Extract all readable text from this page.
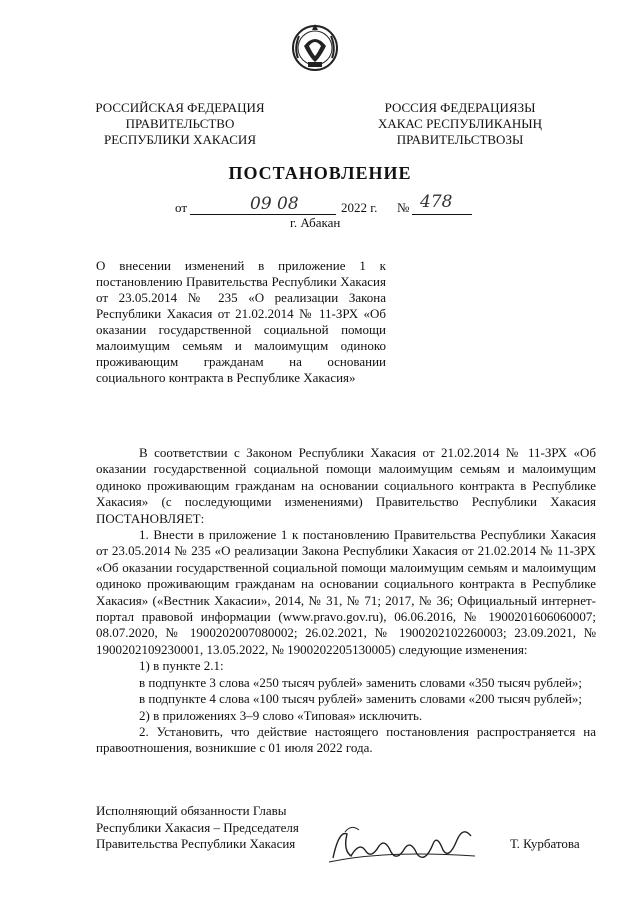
РОССИЙСКАЯ ФЕДЕРАЦИЯ
ПРАВИТЕЛЬСТВО
РЕСПУБЛИКИ ХАКАСИЯ
РОССИЯ ФЕДЕРАЦИЯЗЫ
ХАКАС РЕСПУБЛИКАНЫҢ
ПРАВИТЕЛЬСТВОЗЫ
ПОСТАНОВЛЕНИЕ
от	09 08	2022 г. № 478
г. Абакан

О внесении изменений в приложение 1 к постановлению Правительства Республики Хакасия от 23.05.2014 № 235 «О реализации Закона Республики Хакасия от 21.02.2014 № 11-ЗРХ «Об оказании государственной социальной помощи малоимущим семьям и малоимущим одиноко проживающим гражданам на основании социального контракта в Республике Хакасия»

В соответствии с Законом Республики Хакасия от 21.02.2014 № 11-ЗРХ «Об оказании государственной социальной помощи малоимущим семьям и малоимущим одиноко проживающим гражданам на основании социального контракта в Республике Хакасия» (с последующими изменениями) Правительство Республики Хакасия ПОСТАНОВЛЯЕТ:

1. Внести в приложение 1 к постановлению Правительства Республики Хакасия от 23.05.2014 № 235 «О реализации Закона Республики Хакасия от 21.02.2014 № 11-ЗРХ «Об оказании государственной социальной помощи малоимущим семьям и малоимущим одиноко проживающим гражданам на основании социального контракта в Республике Хакасия» («Вестник Хакасии», 2014, № 31, № 71; 2017, № 36; Официальный интернет-портал правовой информации (www.pravo.gov.ru), 06.06.2016, № 1900201606060007; 08.07.2020, № 1900202007080002; 26.02.2021, № 1900202102260003; 23.09.2021, № 1900202109230001, 13.05.2022, № 1900202205130005) следующие изменения:

1) в пункте 2.1:

в подпункте 3 слова «250 тысяч рублей» заменить словами «350 тысяч рублей»;

в подпункте 4 слова «100 тысяч рублей» заменить словами «200 тысяч рублей»;

2) в приложениях 3–9 слово «Типовая» исключить.

2. Установить, что действие настоящего постановления распространяется на правоотношения, возникшие с 01 июля 2022 года.

Исполняющий обязанности Главы
Республики Хакасия – Председателя
Правительства Республики Хакасия	Т. Курбатова
